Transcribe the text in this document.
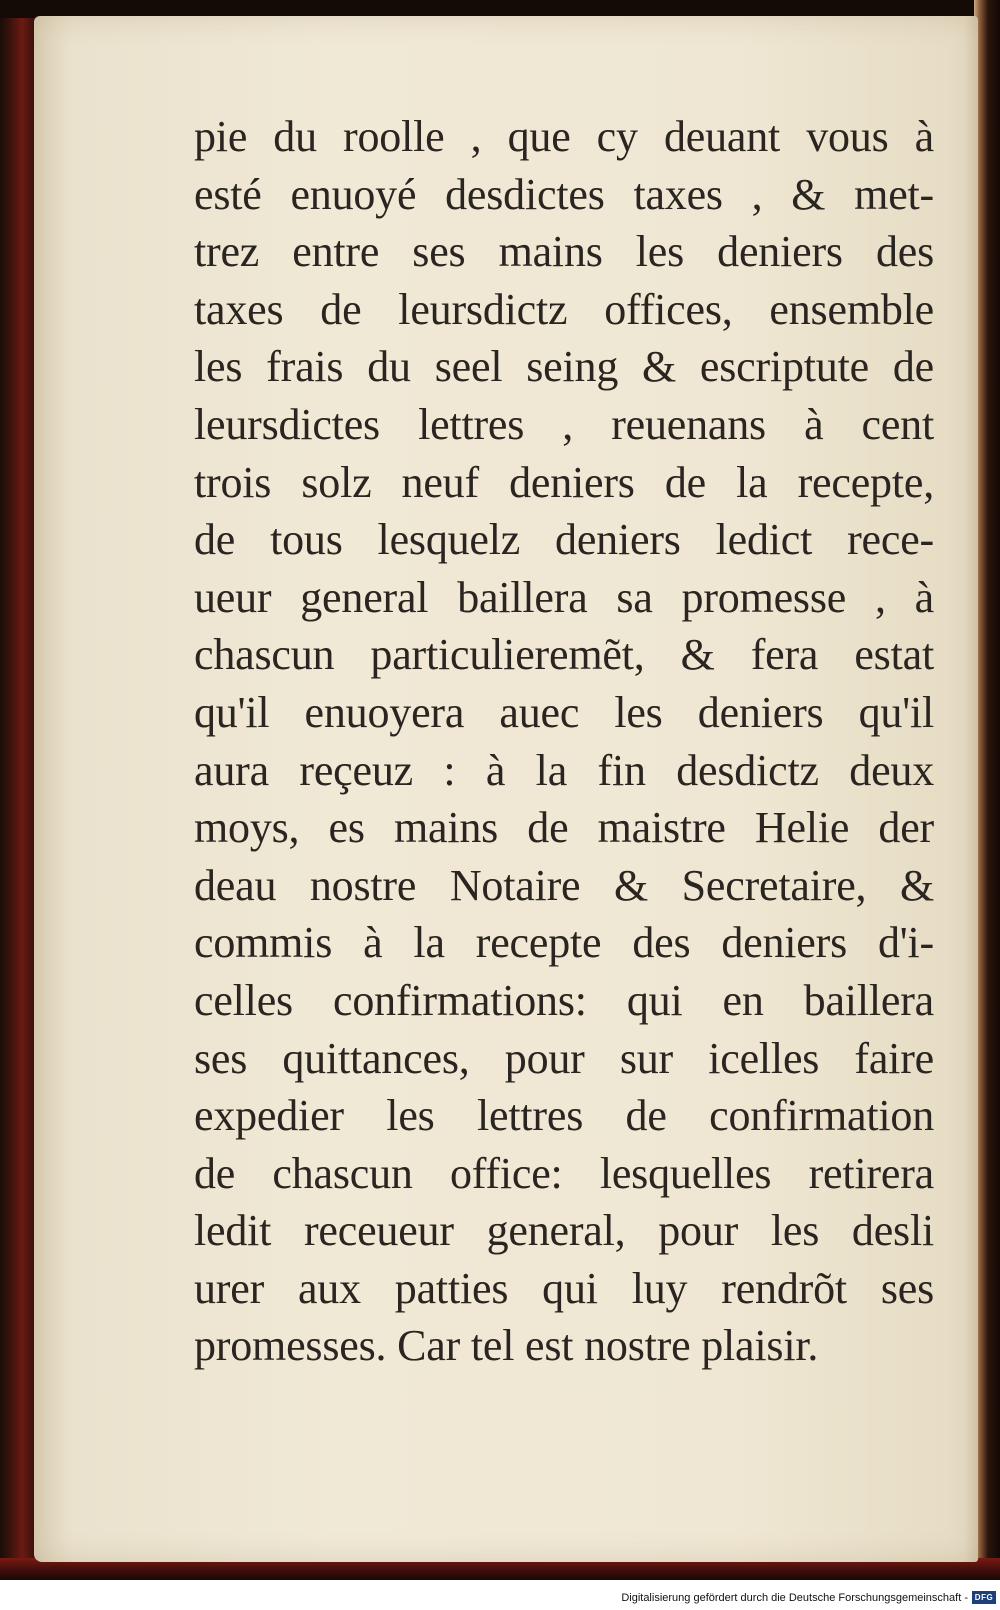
pie du roolle , que cy deuant vous à
esté enuoyé desdictes taxes , & met-
trez entre ses mains les deniers des
taxes de leursdictz offices, ensemble
les frais du seel seing & escriptute de
leursdictes lettres , reuenans à cent
trois solz neuf deniers de la recepte,
de tous lesquelz deniers ledict rece-
ueur general baillera sa promesse , à
chascun particulieremẽt, & fera estat
qu'il enuoyera auec les deniers qu'il
aura reçeuz : à la fin desdictz deux
moys, es mains de maistre Helie der
deau nostre Notaire & Secretaire, &
commis à la recepte des deniers d'i-
celles confirmations: qui en baillera
ses quittances, pour sur icelles faire
expedier les lettres de confirmation
de chascun office: lesquelles retirera
ledit receueur general, pour les desli
urer aux patties qui luy rendrõt ses
promesses. Car tel est nostre plaisir.
Digitalisierung gefördert durch die Deutsche Forschungsgemeinschaft - DFG
